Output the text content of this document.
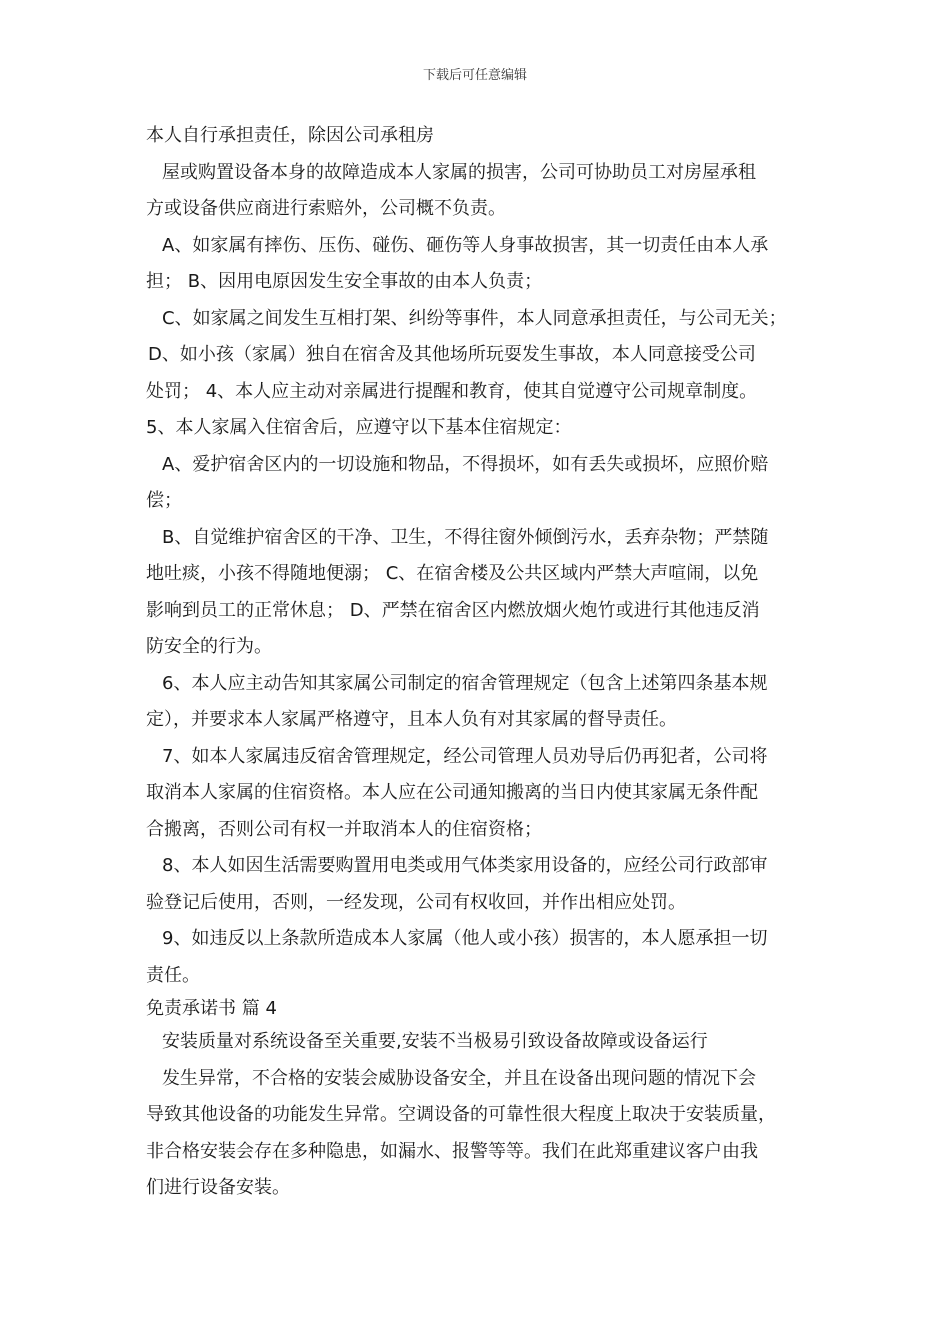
下载后可任意编辑
本人自行承担责任，除因公司承租房
屋或购置设备本身的故障造成本人家属的损害，公司可协助员工对房屋承租
方或设备供应商进行索赔外，公司概不负责。
A、如家属有摔伤、压伤、碰伤、砸伤等人身事故损害，其一切责任由本人承
担； B、因用电原因发生安全事故的由本人负责；
C、如家属之间发生互相打架、纠纷等事件，本人同意承担责任，与公司无关；
D、如小孩（家属）独自在宿舍及其他场所玩耍发生事故，本人同意接受公司
处罚； 4、本人应主动对亲属进行提醒和教育，使其自觉遵守公司规章制度。
5、本人家属入住宿舍后，应遵守以下基本住宿规定：
A、爱护宿舍区内的一切设施和物品，不得损坏，如有丢失或损坏，应照价赔
偿；
B、自觉维护宿舍区的干净、卫生，不得往窗外倾倒污水，丢弃杂物；严禁随
地吐痰，小孩不得随地便溺； C、在宿舍楼及公共区域内严禁大声喧闹，以免
影响到员工的正常休息； D、严禁在宿舍区内燃放烟火炮竹或进行其他违反消
防安全的行为。
6、本人应主动告知其家属公司制定的宿舍管理规定（包含上述第四条基本规
定），并要求本人家属严格遵守，且本人负有对其家属的督导责任。
7、如本人家属违反宿舍管理规定，经公司管理人员劝导后仍再犯者，公司将
取消本人家属的住宿资格。本人应在公司通知搬离的当日内使其家属无条件配
合搬离，否则公司有权一并取消本人的住宿资格；
8、本人如因生活需要购置用电类或用气体类家用设备的，应经公司行政部审
验登记后使用，否则，一经发现，公司有权收回，并作出相应处罚。
9、如违反以上条款所造成本人家属（他人或小孩）损害的，本人愿承担一切
责任。
免责承诺书 篇 4
安装质量对系统设备至关重要,安装不当极易引致设备故障或设备运行
发生异常，不合格的安装会威胁设备安全，并且在设备出现问题的情况下会
导致其他设备的功能发生异常。空调设备的可靠性很大程度上取决于安装质量，
非合格安装会存在多种隐患，如漏水、报警等等。我们在此郑重建议客户由我
们进行设备安装。
